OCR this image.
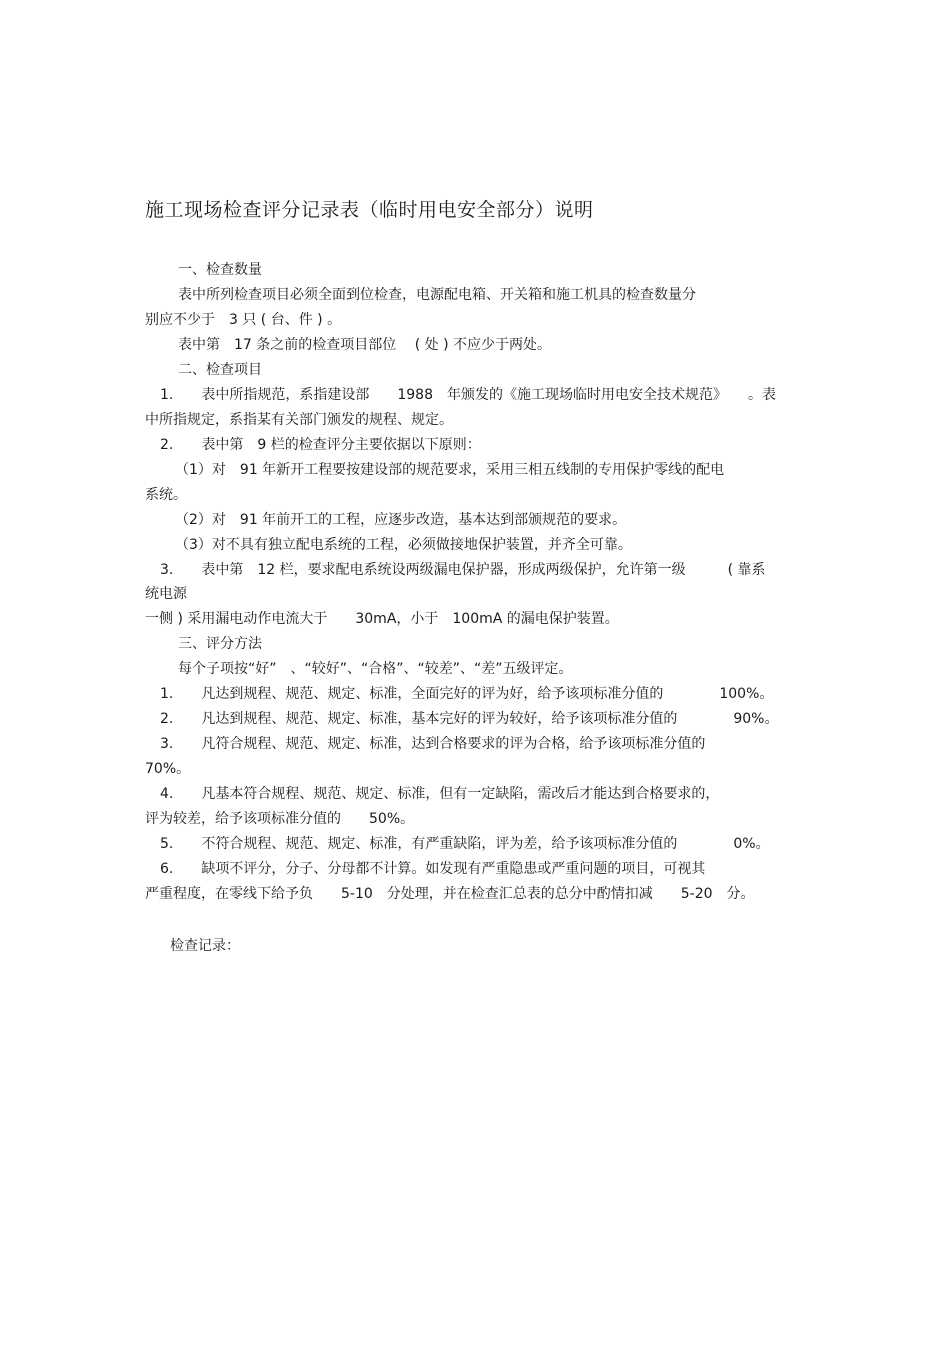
施工现场检查评分记录表（临时用电安全部分）说明
一、检查数量
表中所列检查项目必须全面到位检查，电源配电箱、开关箱和施工机具的检查数量分
别应不少于　3 只 ( 台、件 ) 。
表中第　17 条之前的检查项目部位　 ( 处 ) 不应少于两处。
二、检查项目
1.　　表中所指规范，系指建设部　　1988　年颁发的《施工现场临时用电安全技术规范》　　。表
中所指规定，系指某有关部门颁发的规程、规定。
2.　　表中第　9 栏的检查评分主要依据以下原则：
（1）对　91 年新开工程要按建设部的规范要求，采用三相五线制的专用保护零线的配电
系统。
（2）对　91 年前开工的工程，应逐步改造，基本达到部颁规范的要求。
（3）对不具有独立配电系统的工程，必须做接地保护装置，并齐全可靠。
3.　　表中第　12 栏，要求配电系统设两级漏电保护器，形成两级保护，允许第一级　　　( 靠系
统电源
一侧 ) 采用漏电动作电流大于　　30mA，小于　100mA 的漏电保护装置。
三、评分方法
每个子项按“好”　、“较好”、“合格”、“较差”、“差”五级评定。
1.　　凡达到规程、规范、规定、标准，全面完好的评为好，给予该项标准分值的　　　　100%。
2.　　凡达到规程、规范、规定、标准，基本完好的评为较好，给予该项标准分值的　　　　90%。
3.　　凡符合规程、规范、规定、标准，达到合格要求的评为合格，给予该项标准分值的
70%。
4.　　凡基本符合规程、规范、规定、标准，但有一定缺陷，需改后才能达到合格要求的，
评为较差，给予该项标准分值的　　50%。
5.　　不符合规程、规范、规定、标准，有严重缺陷，评为差，给予该项标准分值的　　　　0%。
6.　　缺项不评分，分子、分母都不计算。如发现有严重隐患或严重问题的项目，可视其
严重程度，在零线下给予负　　5-10　分处理，并在检查汇总表的总分中酌情扣减　　5-20　分。
检查记录：
